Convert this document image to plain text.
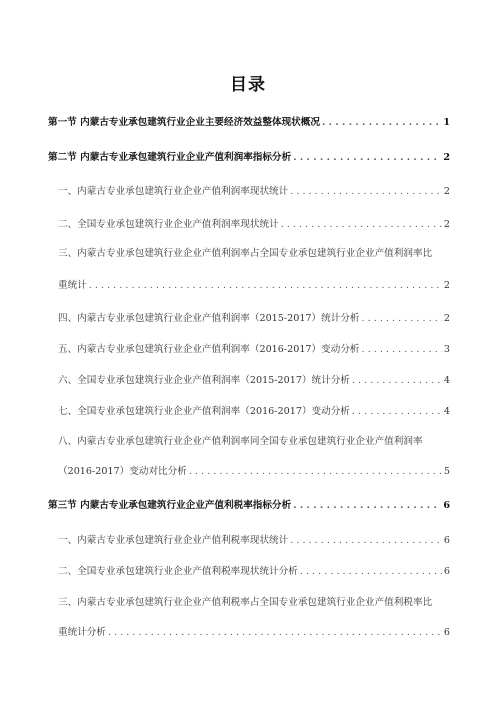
目录
第一节 内蒙古专业承包建筑行业企业主要经济效益整体现状概况 . . .	1
第二节 内蒙古专业承包建筑行业企业产值利润率指标分析 . . .	2
一、内蒙古专业承包建筑行业企业产值利润率现状统计 . . .	2
二、全国专业承包建筑行业企业产值利润率现状统计 . . .	2
三、内蒙古专业承包建筑行业企业产值利润率占全国专业承包建筑行业企业产值利润率比
重统计 . . .	2
四、内蒙古专业承包建筑行业企业产值利润率（2015-2017）统计分析 . . .	2
五、内蒙古专业承包建筑行业企业产值利润率（2016-2017）变动分析 . . .	3
六、全国专业承包建筑行业企业产值利润率（2015-2017）统计分析 . . .	4
七、全国专业承包建筑行业企业产值利润率（2016-2017）变动分析 . . .	4
八、内蒙古专业承包建筑行业企业产值利润率同全国专业承包建筑行业企业产值利润率
（2016-2017）变动对比分析 . . .	5
第三节 内蒙古专业承包建筑行业企业产值利税率指标分析 . . .	6
一、内蒙古专业承包建筑行业企业产值利税率现状统计 . . .	6
二、全国专业承包建筑行业企业产值利税率现状统计分析 . . .	6
三、内蒙古专业承包建筑行业企业产值利税率占全国专业承包建筑行业企业产值利税率比
重统计分析 . . .	6
